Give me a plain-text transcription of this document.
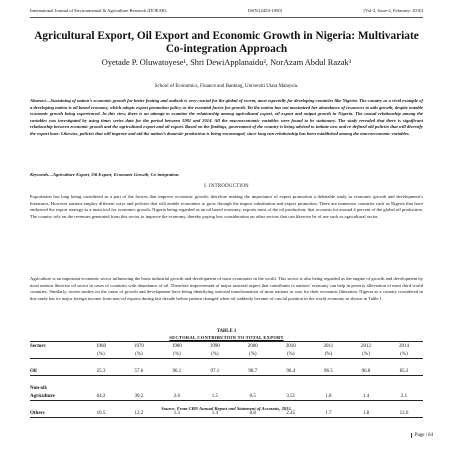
International Journal of Environmental & Agriculture Research (IJOEAR)	ISSN:[2454-1850]	[Vol-2, Issue-2, February- 2016]
Agricultural Export, Oil Export and Economic Growth in Nigeria: Multivariate Co-integration Approach
Oyetade P. Oluwatoyese¹, Shri DewiApplanaidu², NorAzam Abdul Razak³
School of Economics, Finance and Banking, Universiti Utara Malaysia.
Abstract—Sustaining of nation’s economic growth for better footing and outlook is very crucial for the global of recent, most especially for developing countries like Nigeria. The country as a vivid example of a developing nation is oil based economy, which adopts export promotion policy as the essential factor for growth. Yet the nation has not maximized her abundance of resources to aids growth, despite notable economic growth being experienced. In this view, there is an attempt to examine the relationship among agricultural export, oil export and output growth in Nigeria. The causal relationship among the variables was investigated by using times series data for the period between 1981 and 2014. All the macroeconomic variables were found to be stationary. The study revealed that there is significant relationship between economic growth and the agricultural export and oil export. Based on the findings, government of the country is being advised to initiate new and re-defined old policies that will diversify the export base. Likewise, policies that will improve and aid the nation’s domestic production is being encouraged, since long run relationship has been established among the macroeconomic variables.
Keywords—Agriculture Export, Oil Export, Economic Growth, Co-integration.
I. INTRODUCTION
Exportation has long being considered as a part of the factors that improve economic growth; therefore making the importance of export promotion a debatable study in economic growth and development’s literatures. However nations employ different ways and policies that will enable economies to grow through the import substitution and export promotion. There are numerous countries such as Nigeria that have embraced the export strategy as a main tool for economic growth. Nigeria being regarded as an oil based economy, exports most of the oil production; that accounts for around 4 percent of the global oil production. The country rely on the revenues generated from this sector to improve the economy, thereby paying less consideration on other sectors that can likewise be of use such as agricultural sector.
Agriculture is an important economic sector influencing the basis industrial growth and development of most economies in the world. This sector is also being regarded as the engine of growth and development by most nations likewise oil sector in cases of countries with abundance of oil. Therefore improvement of major sartorial aspect that contributes to nations’ economy can help in poverty alleviation of most third world countries. Similarly, recent studies on the cause of growth and development have being identifying sartorial transformation of most nations as way for their economic liberation. Nigeria as a country considered in this study has its major foreign income from non-oil exports during last decade before pattern changed when oil suddenly became of crucial position in the world economy as shown in Table 1.
TABLE 1
SECTORAL CONTRIBUTION TO TOTAL EXPORT
Sectors	1960	1970	1980	1990	2000	2010	2011	2012	2014
	(%)	(%)	(%)	(%)	(%)	(%)	(%)	(%)	(%)

Oil	25.3	57.6	96.1	97.1	98.7	96.4	96.5	96.8	85.3

Non-oil:									
Agriculture	64.2	30.2	2.6	1.5	0.5	3.51	1.8	1.4	2.1

Others	10.5	12.2	1.3	1.4	0.8	2.45	1.7	1.8	12.6
Source. From CBN Annual Report and Statement of Accounts, 2015.
Page | 64
